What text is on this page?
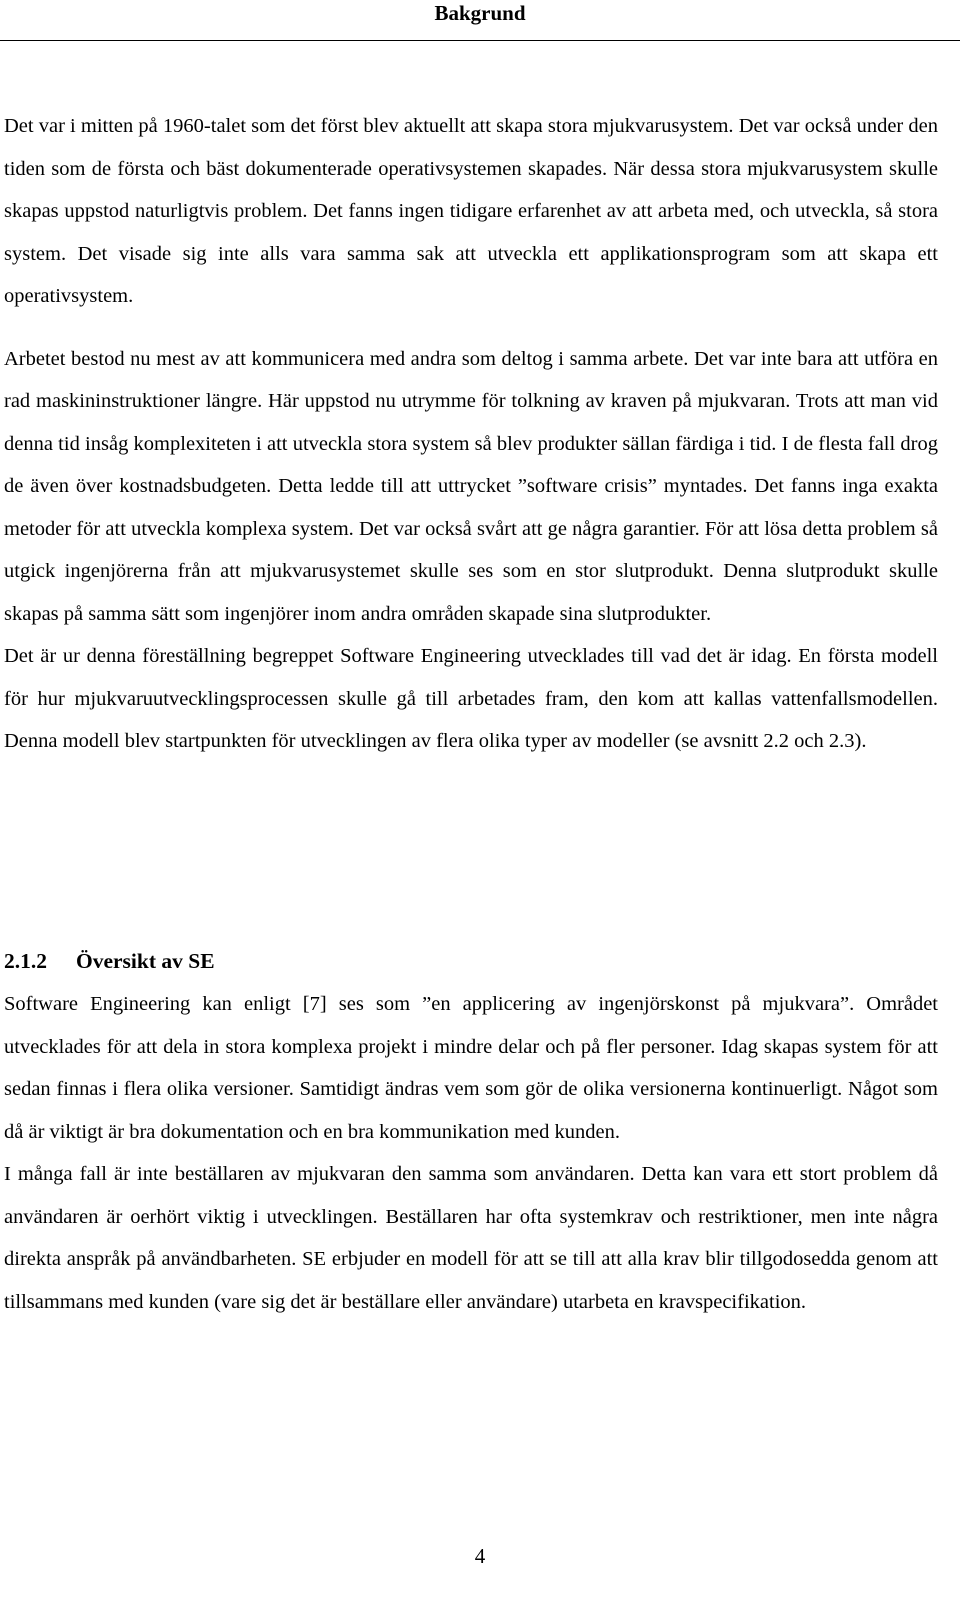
Bakgrund

Det var i mitten på 1960-talet som det först blev aktuellt att skapa stora mjukvarusystem. Det var också under den tiden som de första och bäst dokumenterade operativsystemen skapades. När dessa stora mjukvarusystem skulle skapas uppstod naturligtvis problem. Det fanns ingen tidigare erfarenhet av att arbeta med, och utveckla, så stora system. Det visade sig inte alls vara samma sak att utveckla ett applikationsprogram som att skapa ett operativsystem.

Arbetet bestod nu mest av att kommunicera med andra som deltog i samma arbete. Det var inte bara att utföra en rad maskininstruktioner längre. Här uppstod nu utrymme för tolkning av kraven på mjukvaran. Trots att man vid denna tid insåg komplexiteten i att utveckla stora system så blev produkter sällan färdiga i tid. I de flesta fall drog de även över kostnadsbudgeten. Detta ledde till att uttrycket ”software crisis” myntades. Det fanns inga exakta metoder för att utveckla komplexa system. Det var också svårt att ge några garantier. För att lösa detta problem så utgick ingenjörerna från att mjukvarusystemet skulle ses som en stor slutprodukt. Denna slutprodukt skulle skapas på samma sätt som ingenjörer inom andra områden skapade sina slutprodukter.

Det är ur denna föreställning begreppet Software Engineering utvecklades till vad det är idag. En första modell för hur mjukvaruutvecklingsprocessen skulle gå till arbetades fram, den kom att kallas vattenfallsmodellen. Denna modell blev startpunkten för utvecklingen av flera olika typer av modeller (se avsnitt 2.2 och 2.3).

2.1.2 Översikt av SE

Software Engineering kan enligt [7] ses som ”en applicering av ingenjörskonst på mjukvara”. Området utvecklades för att dela in stora komplexa projekt i mindre delar och på fler personer. Idag skapas system för att sedan finnas i flera olika versioner. Samtidigt ändras vem som gör de olika versionerna kontinuerligt. Något som då är viktigt är bra dokumentation och en bra kommunikation med kunden.

I många fall är inte beställaren av mjukvaran den samma som användaren. Detta kan vara ett stort problem då användaren är oerhört viktig i utvecklingen. Beställaren har ofta systemkrav och restriktioner, men inte några direkta anspråk på användbarheten. SE erbjuder en modell för att se till att alla krav blir tillgodosedda genom att tillsammans med kunden (vare sig det är beställare eller användare) utarbeta en kravspecifikation.

4
